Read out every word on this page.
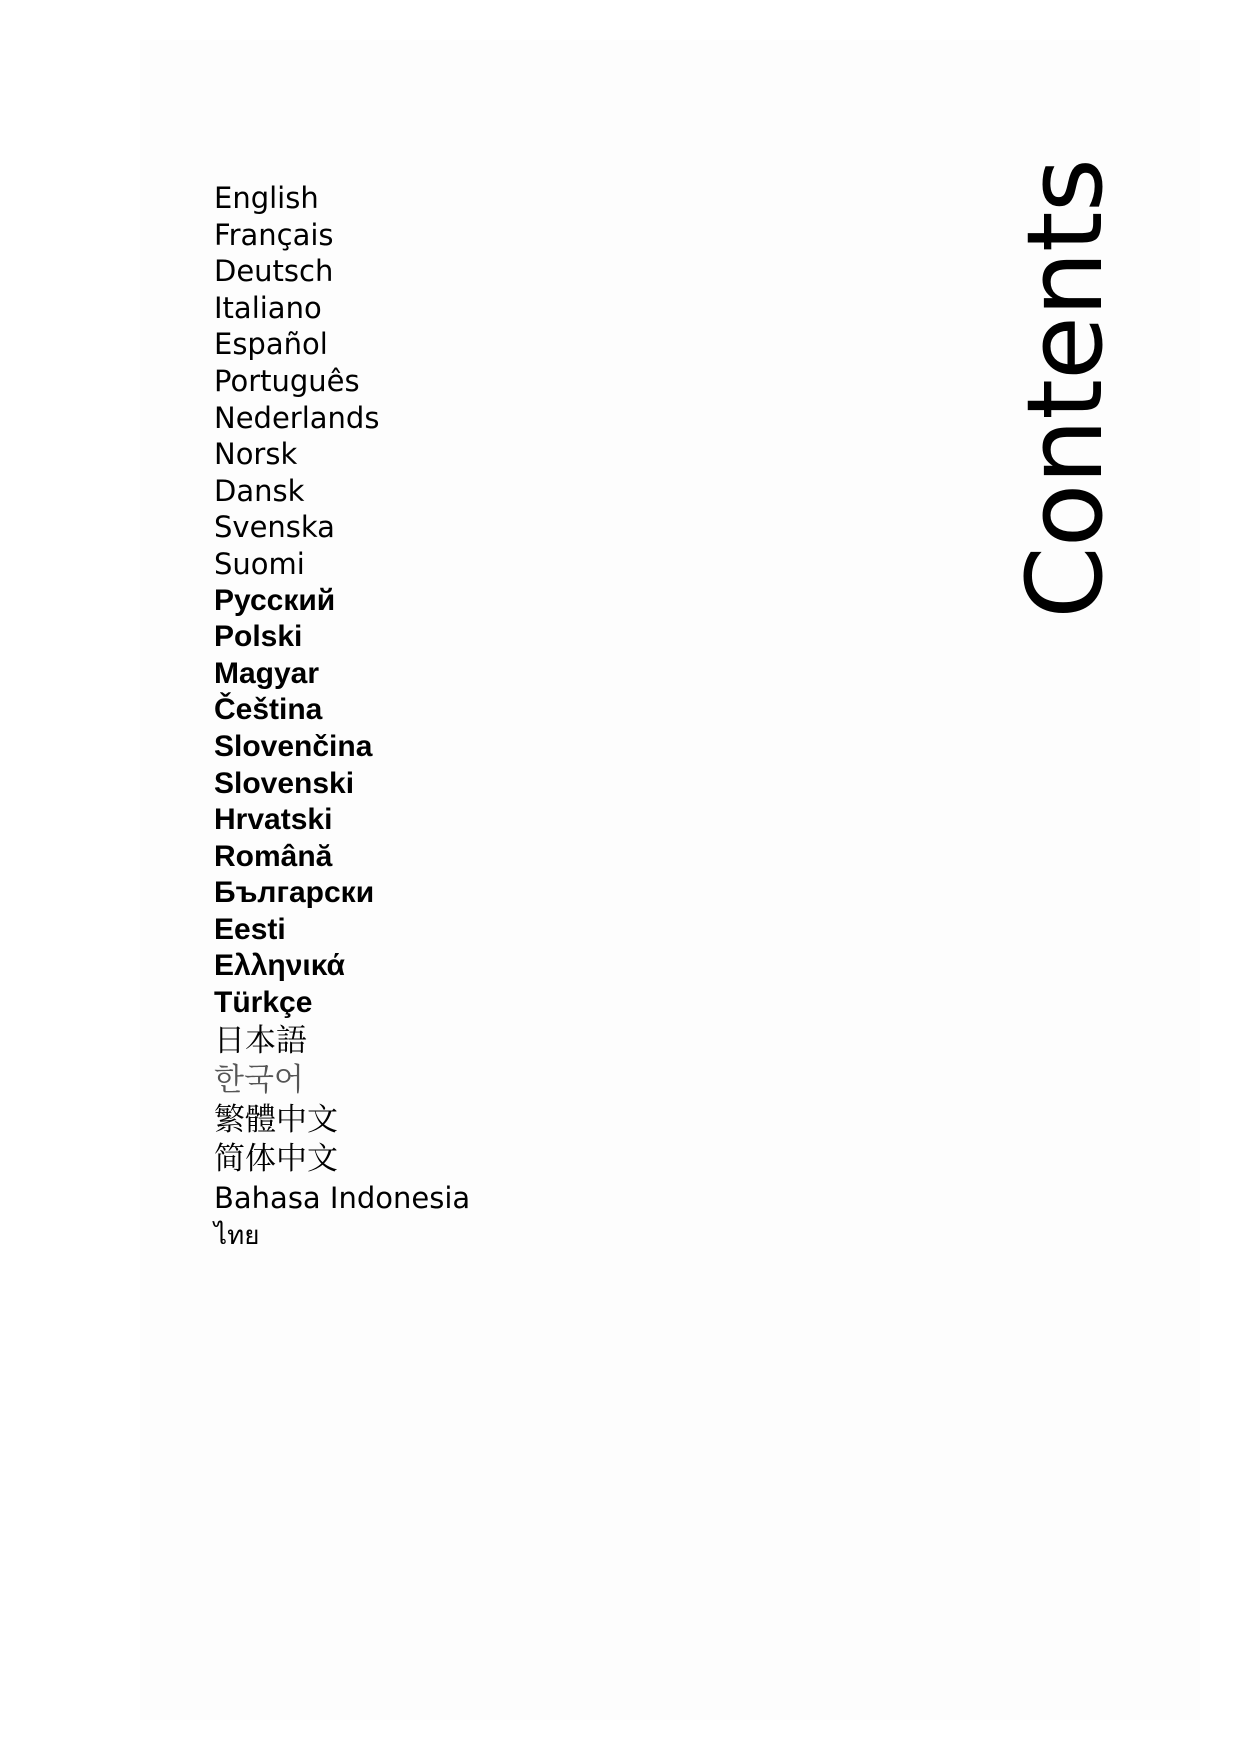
English
Français
Deutsch
Italiano
Español
Português
Nederlands
Norsk
Dansk
Svenska
Suomi
Русский
Polski
Magyar
Čeština
Slovenčina
Slovenski
Hrvatski
Română
Български
Eesti
Ελληνικά
Türkçe
日本語
한국어
繁體中文
简体中文
Bahasa Indonesia
ไทย
Contents
